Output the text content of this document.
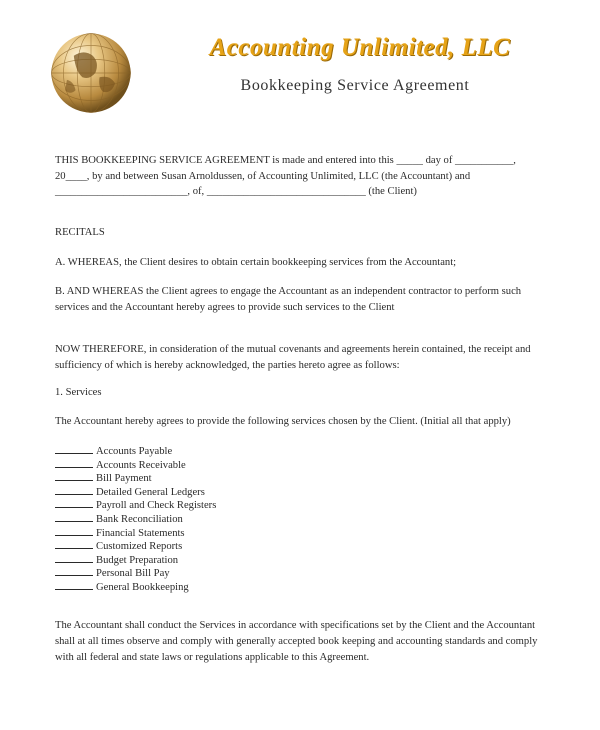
Accounting Unlimited, LLC
Bookkeeping Service Agreement

THIS BOOKKEEPING SERVICE AGREEMENT is made and entered into this _____ day of ___________,

20____, by and between Susan Arnoldussen, of Accounting Unlimited, LLC (the Accountant) and

_________________________, of, ______________________________ (the Client)

RECITALS

A. WHEREAS, the Client desires to obtain certain bookkeeping services from the Accountant;

B. AND WHEREAS the Client agrees to engage the Accountant as an independent contractor to perform such services and the Accountant hereby agrees to provide such services to the Client

NOW THEREFORE, in consideration of the mutual covenants and agreements herein contained, the receipt and sufficiency of which is hereby acknowledged, the parties hereto agree as follows:

1. Services

The Accountant hereby agrees to provide the following services chosen by the Client. (Initial all that apply)

Accounts Payable
Accounts Receivable
Bill Payment
Detailed General Ledgers
Payroll and Check Registers
Bank Reconciliation
Financial Statements
Customized Reports
Budget Preparation
Personal Bill Pay
General Bookkeeping

The Accountant shall conduct the Services in accordance with specifications set by the Client and the Accountant shall at all times observe and comply with generally accepted book keeping and accounting standards and comply with all federal and state laws or regulations applicable to this Agreement.
